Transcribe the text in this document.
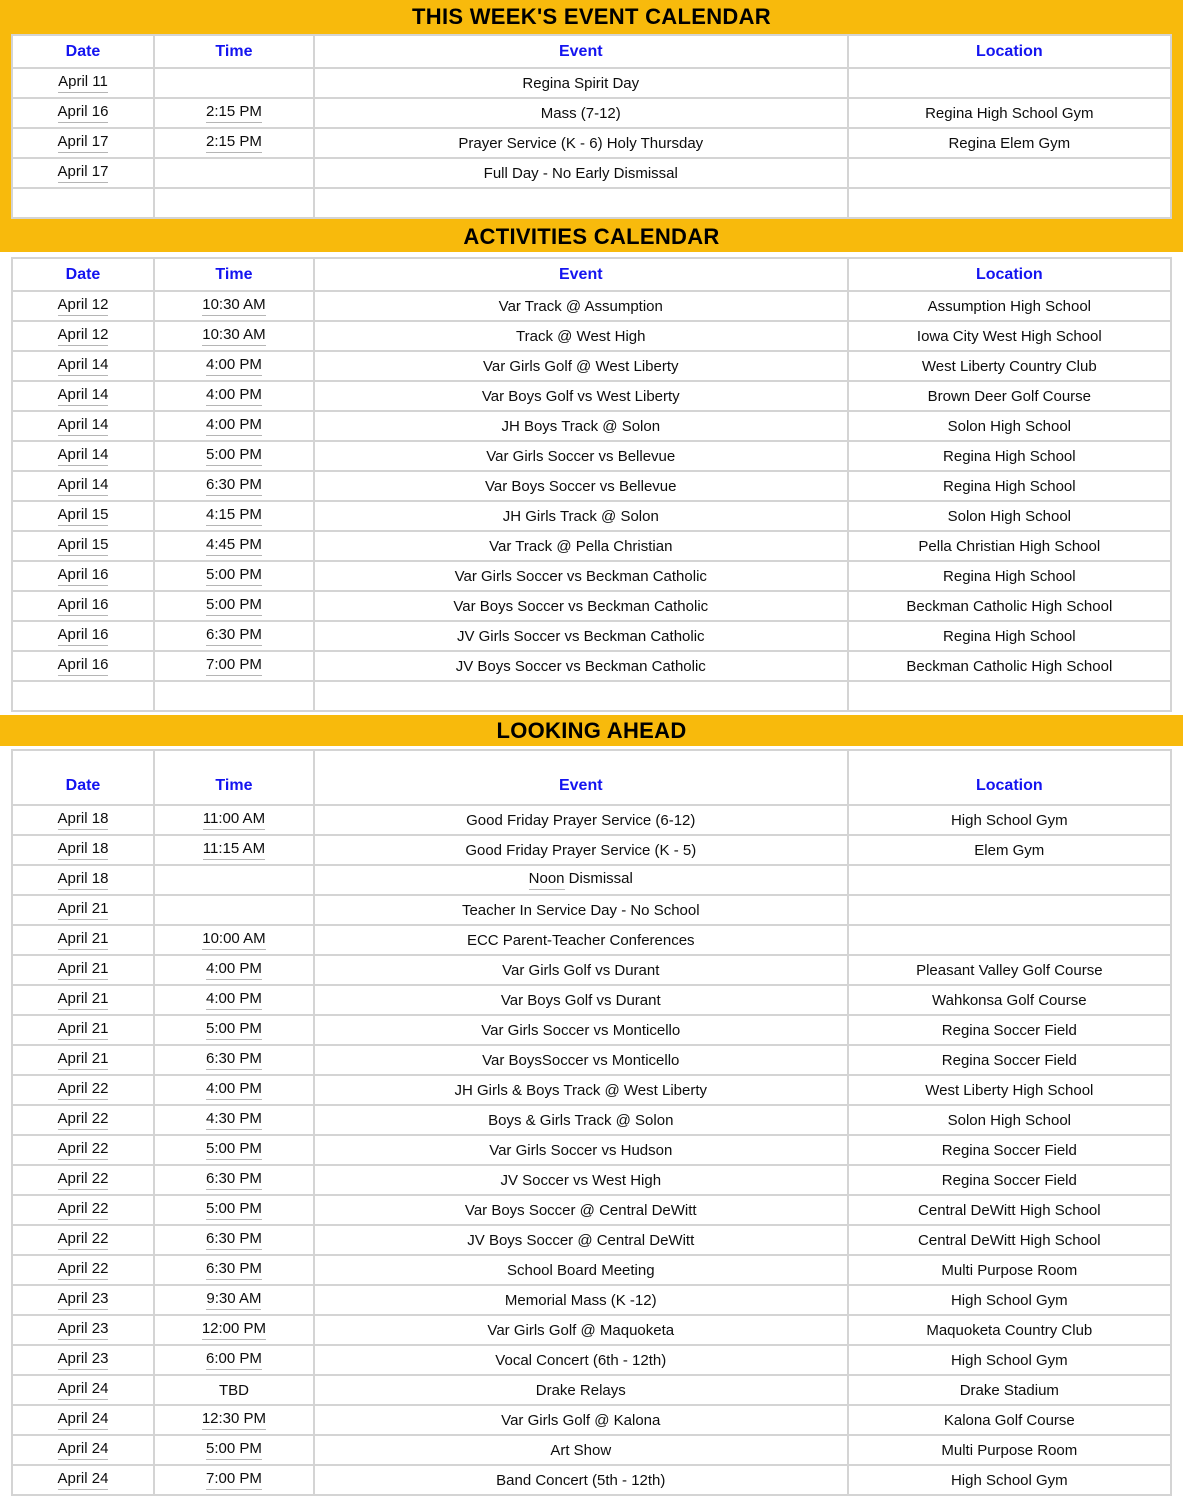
THIS WEEK'S EVENT CALENDAR
Date	Time	Event	Location
April 11		Regina Spirit Day	
April 16	2:15 PM	Mass (7-12)	Regina High School Gym
April 17	2:15 PM	Prayer Service (K - 6) Holy Thursday	Regina Elem Gym
April 17		Full Day - No Early Dismissal	

ACTIVITIES CALENDAR
Date	Time	Event	Location
April 12	10:30 AM	Var Track @ Assumption	Assumption High School
April 12	10:30 AM	Track @ West High	Iowa City West High School
April 14	4:00 PM	Var Girls Golf @ West Liberty	West Liberty Country Club
April 14	4:00 PM	Var Boys Golf vs West Liberty	Brown Deer Golf Course
April 14	4:00 PM	JH Boys Track @ Solon	Solon High School
April 14	5:00 PM	Var Girls Soccer vs Bellevue	Regina High School
April 14	6:30 PM	Var Boys Soccer vs Bellevue	Regina High School
April 15	4:15 PM	JH Girls Track @ Solon	Solon High School
April 15	4:45 PM	Var Track @ Pella Christian	Pella Christian High School
April 16	5:00 PM	Var Girls Soccer vs Beckman Catholic	Regina High School
April 16	5:00 PM	Var Boys Soccer vs Beckman Catholic	Beckman Catholic High School
April 16	6:30 PM	JV Girls Soccer vs Beckman Catholic	Regina High School
April 16	7:00 PM	JV Boys Soccer vs Beckman Catholic	Beckman Catholic High School

LOOKING AHEAD
Date	Time	Event	Location
April 18	11:00 AM	Good Friday Prayer Service (6-12)	High School Gym
April 18	11:15 AM	Good Friday Prayer Service (K - 5)	Elem Gym
April 18		Noon Dismissal	
April 21		Teacher In Service Day - No School	
April 21	10:00 AM	ECC Parent-Teacher Conferences	
April 21	4:00 PM	Var Girls Golf vs Durant	Pleasant Valley Golf Course
April 21	4:00 PM	Var Boys Golf vs Durant	Wahkonsa Golf Course
April 21	5:00 PM	Var Girls Soccer vs Monticello	Regina Soccer Field
April 21	6:30 PM	Var BoysSoccer vs Monticello	Regina Soccer Field
April 22	4:00 PM	JH Girls & Boys Track @ West Liberty	West Liberty High School
April 22	4:30 PM	Boys & Girls Track @ Solon	Solon High School
April 22	5:00 PM	Var Girls Soccer vs Hudson	Regina Soccer Field
April 22	6:30 PM	JV Soccer vs West High	Regina Soccer Field
April 22	5:00 PM	Var Boys Soccer @ Central DeWitt	Central DeWitt High School
April 22	6:30 PM	JV Boys Soccer @ Central DeWitt	Central DeWitt High School
April 22	6:30 PM	School Board Meeting	Multi Purpose Room
April 23	9:30 AM	Memorial Mass (K -12)	High School Gym
April 23	12:00 PM	Var Girls Golf @ Maquoketa	Maquoketa Country Club
April 23	6:00 PM	Vocal Concert (6th - 12th)	High School Gym
April 24	TBD	Drake Relays	Drake Stadium
April 24	12:30 PM	Var Girls Golf @ Kalona	Kalona Golf Course
April 24	5:00 PM	Art Show	Multi Purpose Room
April 24	7:00 PM	Band Concert (5th - 12th)	High School Gym
